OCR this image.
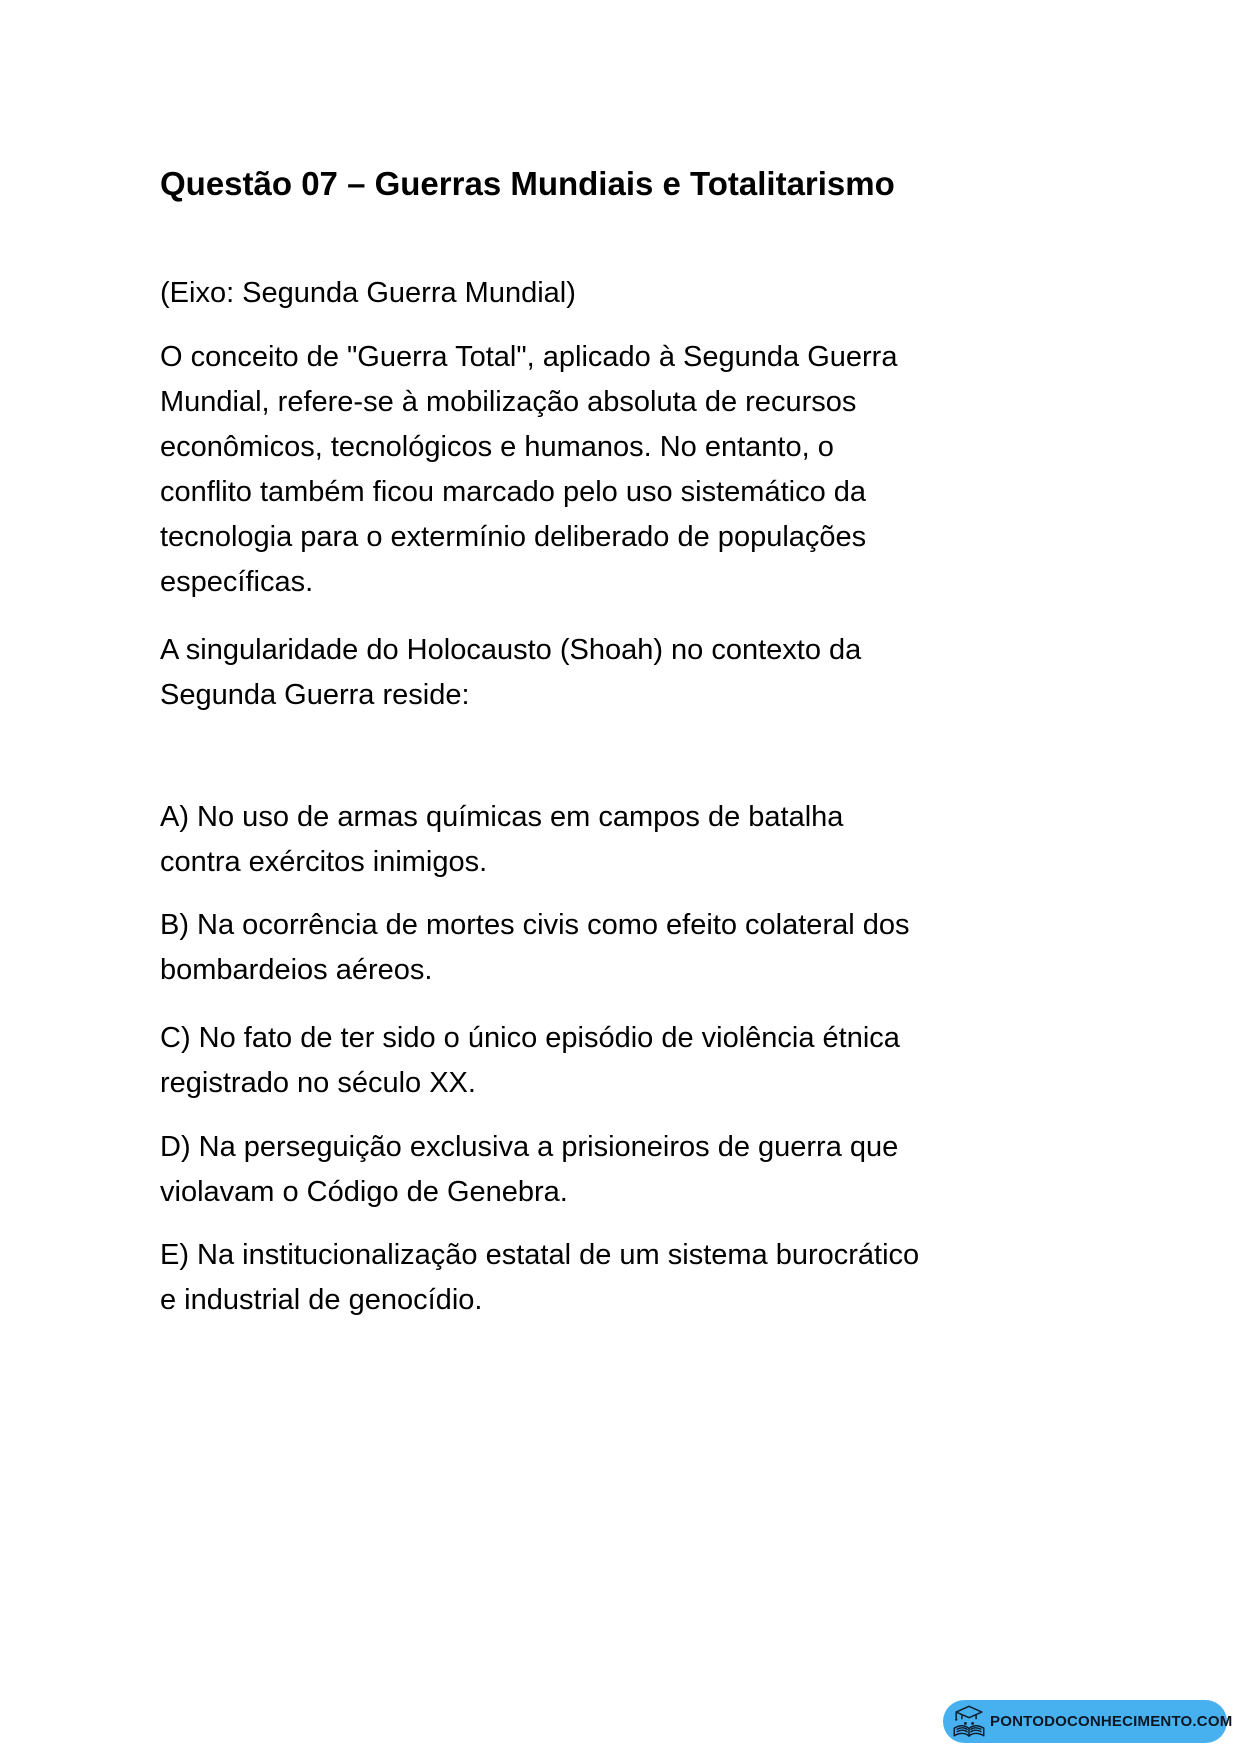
Questão 07 – Guerras Mundiais e Totalitarismo
(Eixo: Segunda Guerra Mundial)
O conceito de "Guerra Total", aplicado à Segunda Guerra
Mundial, refere-se à mobilização absoluta de recursos
econômicos, tecnológicos e humanos. No entanto, o
conflito também ficou marcado pelo uso sistemático da
tecnologia para o extermínio deliberado de populações
específicas.
A singularidade do Holocausto (Shoah) no contexto da
Segunda Guerra reside:
A) No uso de armas químicas em campos de batalha
contra exércitos inimigos.
B) Na ocorrência de mortes civis como efeito colateral dos
bombardeios aéreos.
C) No fato de ter sido o único episódio de violência étnica
registrado no século XX.
D) Na perseguição exclusiva a prisioneiros de guerra que
violavam o Código de Genebra.
E) Na institucionalização estatal de um sistema burocrático
e industrial de genocídio.
PONTODOCONHECIMENTO.COM
